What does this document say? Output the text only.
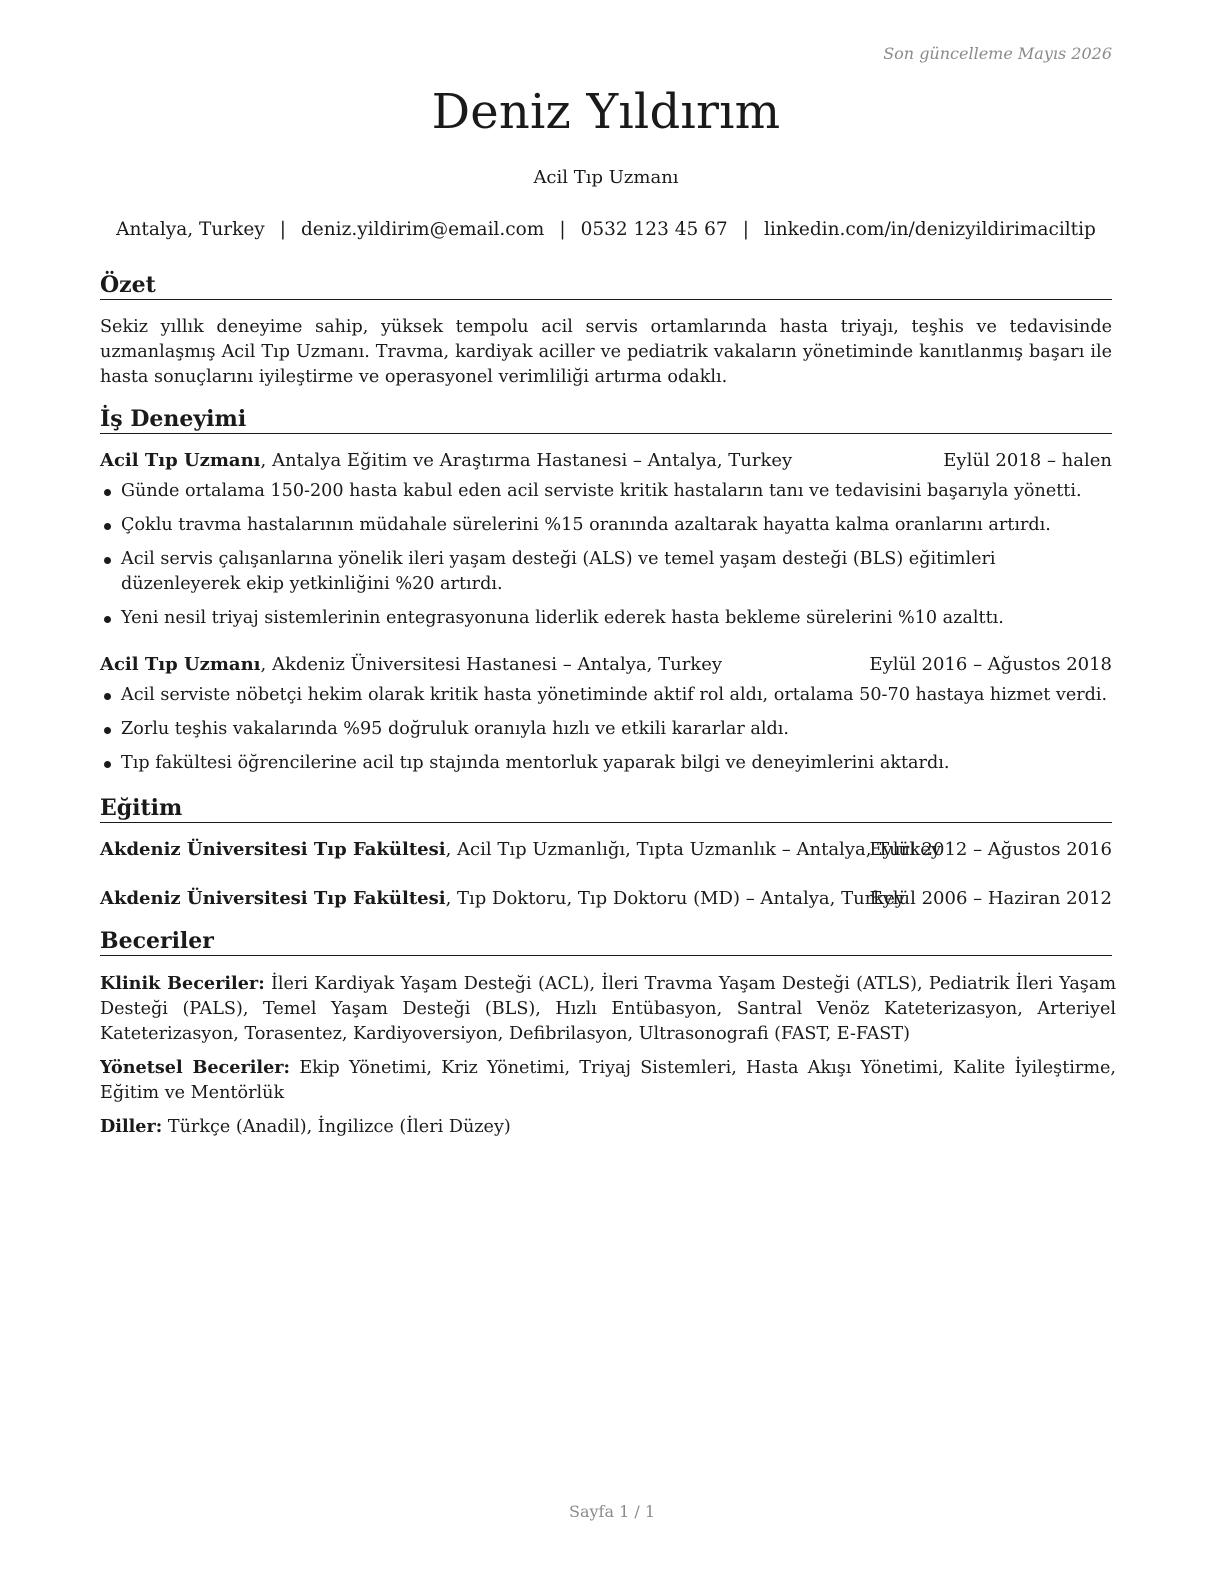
Son güncelleme Mayıs 2026
Deniz Yıldırım
Acil Tıp Uzmanı
Antalya, Turkey | deniz.yildirim@email.com | 0532 123 45 67 | linkedin.com/in/denizyildirimaciltip
Özet
Sekiz yıllık deneyime sahip, yüksek tempolu acil servis ortamlarında hasta triyajı, teşhis ve tedavisinde uzmanlaşmış Acil Tıp Uzmanı. Travma, kardiyak aciller ve pediatrik vakaların yönetiminde kanıtlanmış başarı ile hasta sonuçlarını iyileştirme ve operasyonel verimliliği artırma odaklı.
İş Deneyimi
Acil Tıp Uzmanı, Antalya Eğitim ve Araştırma Hastanesi – Antalya, Turkey	Eylül 2018 – halen
Günde ortalama 150-200 hasta kabul eden acil serviste kritik hastaların tanı ve tedavisini başarıyla yönetti.
Çoklu travma hastalarının müdahale sürelerini %15 oranında azaltarak hayatta kalma oranlarını artırdı.
Acil servis çalışanlarına yönelik ileri yaşam desteği (ALS) ve temel yaşam desteği (BLS) eğitimleri düzenleyerek ekip yetkinliğini %20 artırdı.
Yeni nesil triyaj sistemlerinin entegrasyonuna liderlik ederek hasta bekleme sürelerini %10 azalttı.
Acil Tıp Uzmanı, Akdeniz Üniversitesi Hastanesi – Antalya, Turkey	Eylül 2016 – Ağustos 2018
Acil serviste nöbetçi hekim olarak kritik hasta yönetiminde aktif rol aldı, ortalama 50-70 hastaya hizmet verdi.
Zorlu teşhis vakalarında %95 doğruluk oranıyla hızlı ve etkili kararlar aldı.
Tıp fakültesi öğrencilerine acil tıp stajında mentorluk yaparak bilgi ve deneyimlerini aktardı.
Eğitim
Akdeniz Üniversitesi Tıp Fakültesi, Acil Tıp Uzmanlığı, Tıpta Uzmanlık – Antalya, Turkey
Eylül 2012 – Ağustos 2016
Akdeniz Üniversitesi Tıp Fakültesi, Tıp Doktoru, Tıp Doktoru (MD) – Antalya, Turkey
Eylül 2006 – Haziran 2012
Beceriler
Klinik Beceriler: İleri Kardiyak Yaşam Desteği (ACL), İleri Travma Yaşam Desteği (ATLS), Pediatrik İleri Yaşam Desteği (PALS), Temel Yaşam Desteği (BLS), Hızlı Entübasyon, Santral Venöz Kateterizasyon, Arteriyel Kateterizasyon, Torasentez, Kardiyoversiyon, Defibrilasyon, Ultrasonografi (FAST, E-FAST)
Yönetsel Beceriler: Ekip Yönetimi, Kriz Yönetimi, Triyaj Sistemleri, Hasta Akışı Yönetimi, Kalite İyileştirme, Eğitim ve Mentörlük
Diller: Türkçe (Anadil), İngilizce (İleri Düzey)
Sayfa 1 / 1
